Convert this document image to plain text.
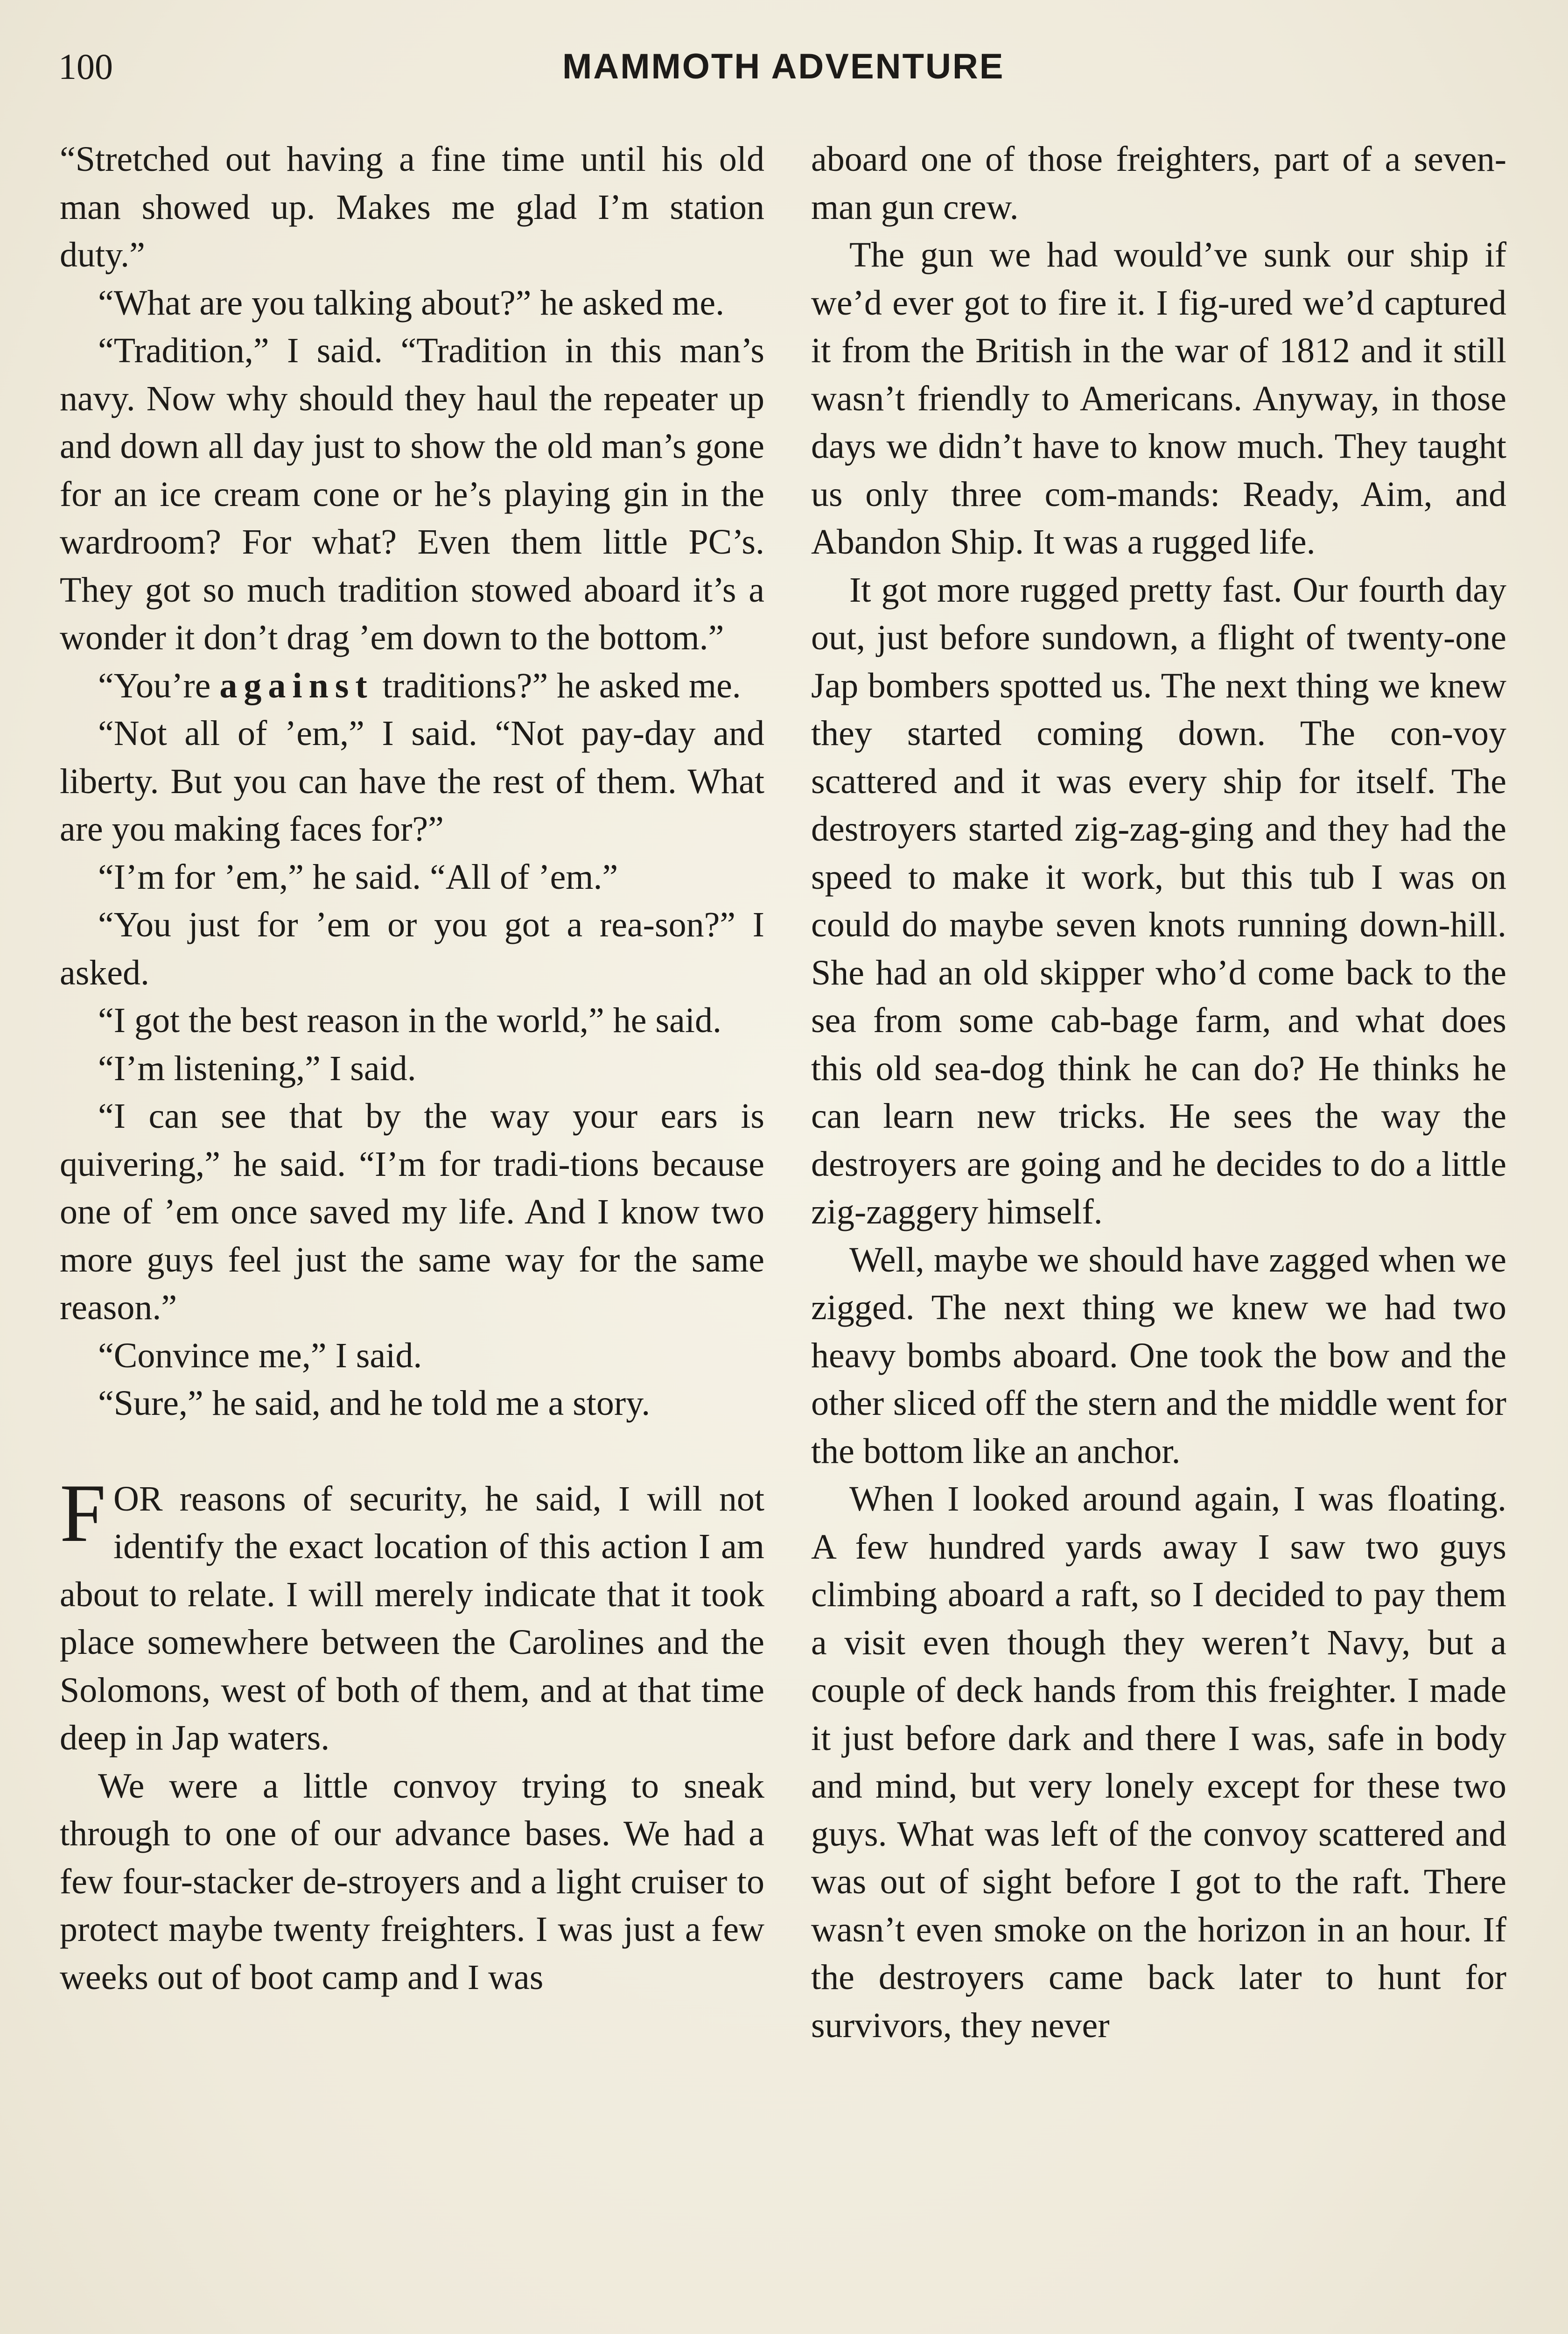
100	MAMMOTH ADVENTURE

“Stretched out having a fine time until his old man showed up. Makes me glad I’m station duty.”

“What are you talking about?” he asked me.

“Tradition,” I said. “Tradition in this man’s navy. Now why should they haul the repeater up and down all day just to show the old man’s gone for an ice cream cone or he’s playing gin in the wardroom? For what? Even them little PC’s. They got so much tradition stowed aboard it’s a wonder it don’t drag ’em down to the bottom.”

“You’re against traditions?” he asked me.

“Not all of ’em,” I said. “Not pay-day and liberty. But you can have the rest of them. What are you making faces for?”

“I’m for ’em,” he said. “All of ’em.”

“You just for ’em or you got a rea-son?” I asked.

“I got the best reason in the world,” he said.

“I’m listening,” I said.

“I can see that by the way your ears is quivering,” he said. “I’m for tradi-tions because one of ’em once saved my life. And I know two more guys feel just the same way for the same reason.”

“Convince me,” I said.

“Sure,” he said, and he told me a story.

FOR reasons of security, he said, I will not identify the exact location of this action I am about to relate. I will merely indicate that it took place somewhere between the Carolines and the Solomons, west of both of them, and at that time deep in Jap waters.

We were a little convoy trying to sneak through to one of our advance bases. We had a few four-stacker de-stroyers and a light cruiser to protect maybe twenty freighters. I was just a few weeks out of boot camp and I was

aboard one of those freighters, part of a seven-man gun crew.

The gun we had would’ve sunk our ship if we’d ever got to fire it. I fig-ured we’d captured it from the British in the war of 1812 and it still wasn’t friendly to Americans. Anyway, in those days we didn’t have to know much. They taught us only three com-mands: Ready, Aim, and Abandon Ship. It was a rugged life.

It got more rugged pretty fast. Our fourth day out, just before sundown, a flight of twenty-one Jap bombers spotted us. The next thing we knew they started coming down. The con-voy scattered and it was every ship for itself. The destroyers started zig-zag-ging and they had the speed to make it work, but this tub I was on could do maybe seven knots running down-hill. She had an old skipper who’d come back to the sea from some cab-bage farm, and what does this old sea-dog think he can do? He thinks he can learn new tricks. He sees the way the destroyers are going and he decides to do a little zig-zaggery himself.

Well, maybe we should have zagged when we zigged. The next thing we knew we had two heavy bombs aboard. One took the bow and the other sliced off the stern and the middle went for the bottom like an anchor.

When I looked around again, I was floating. A few hundred yards away I saw two guys climbing aboard a raft, so I decided to pay them a visit even though they weren’t Navy, but a couple of deck hands from this freighter. I made it just before dark and there I was, safe in body and mind, but very lonely except for these two guys. What was left of the convoy scattered and was out of sight before I got to the raft. There wasn’t even smoke on the horizon in an hour. If the destroyers came back later to hunt for survivors, they never
